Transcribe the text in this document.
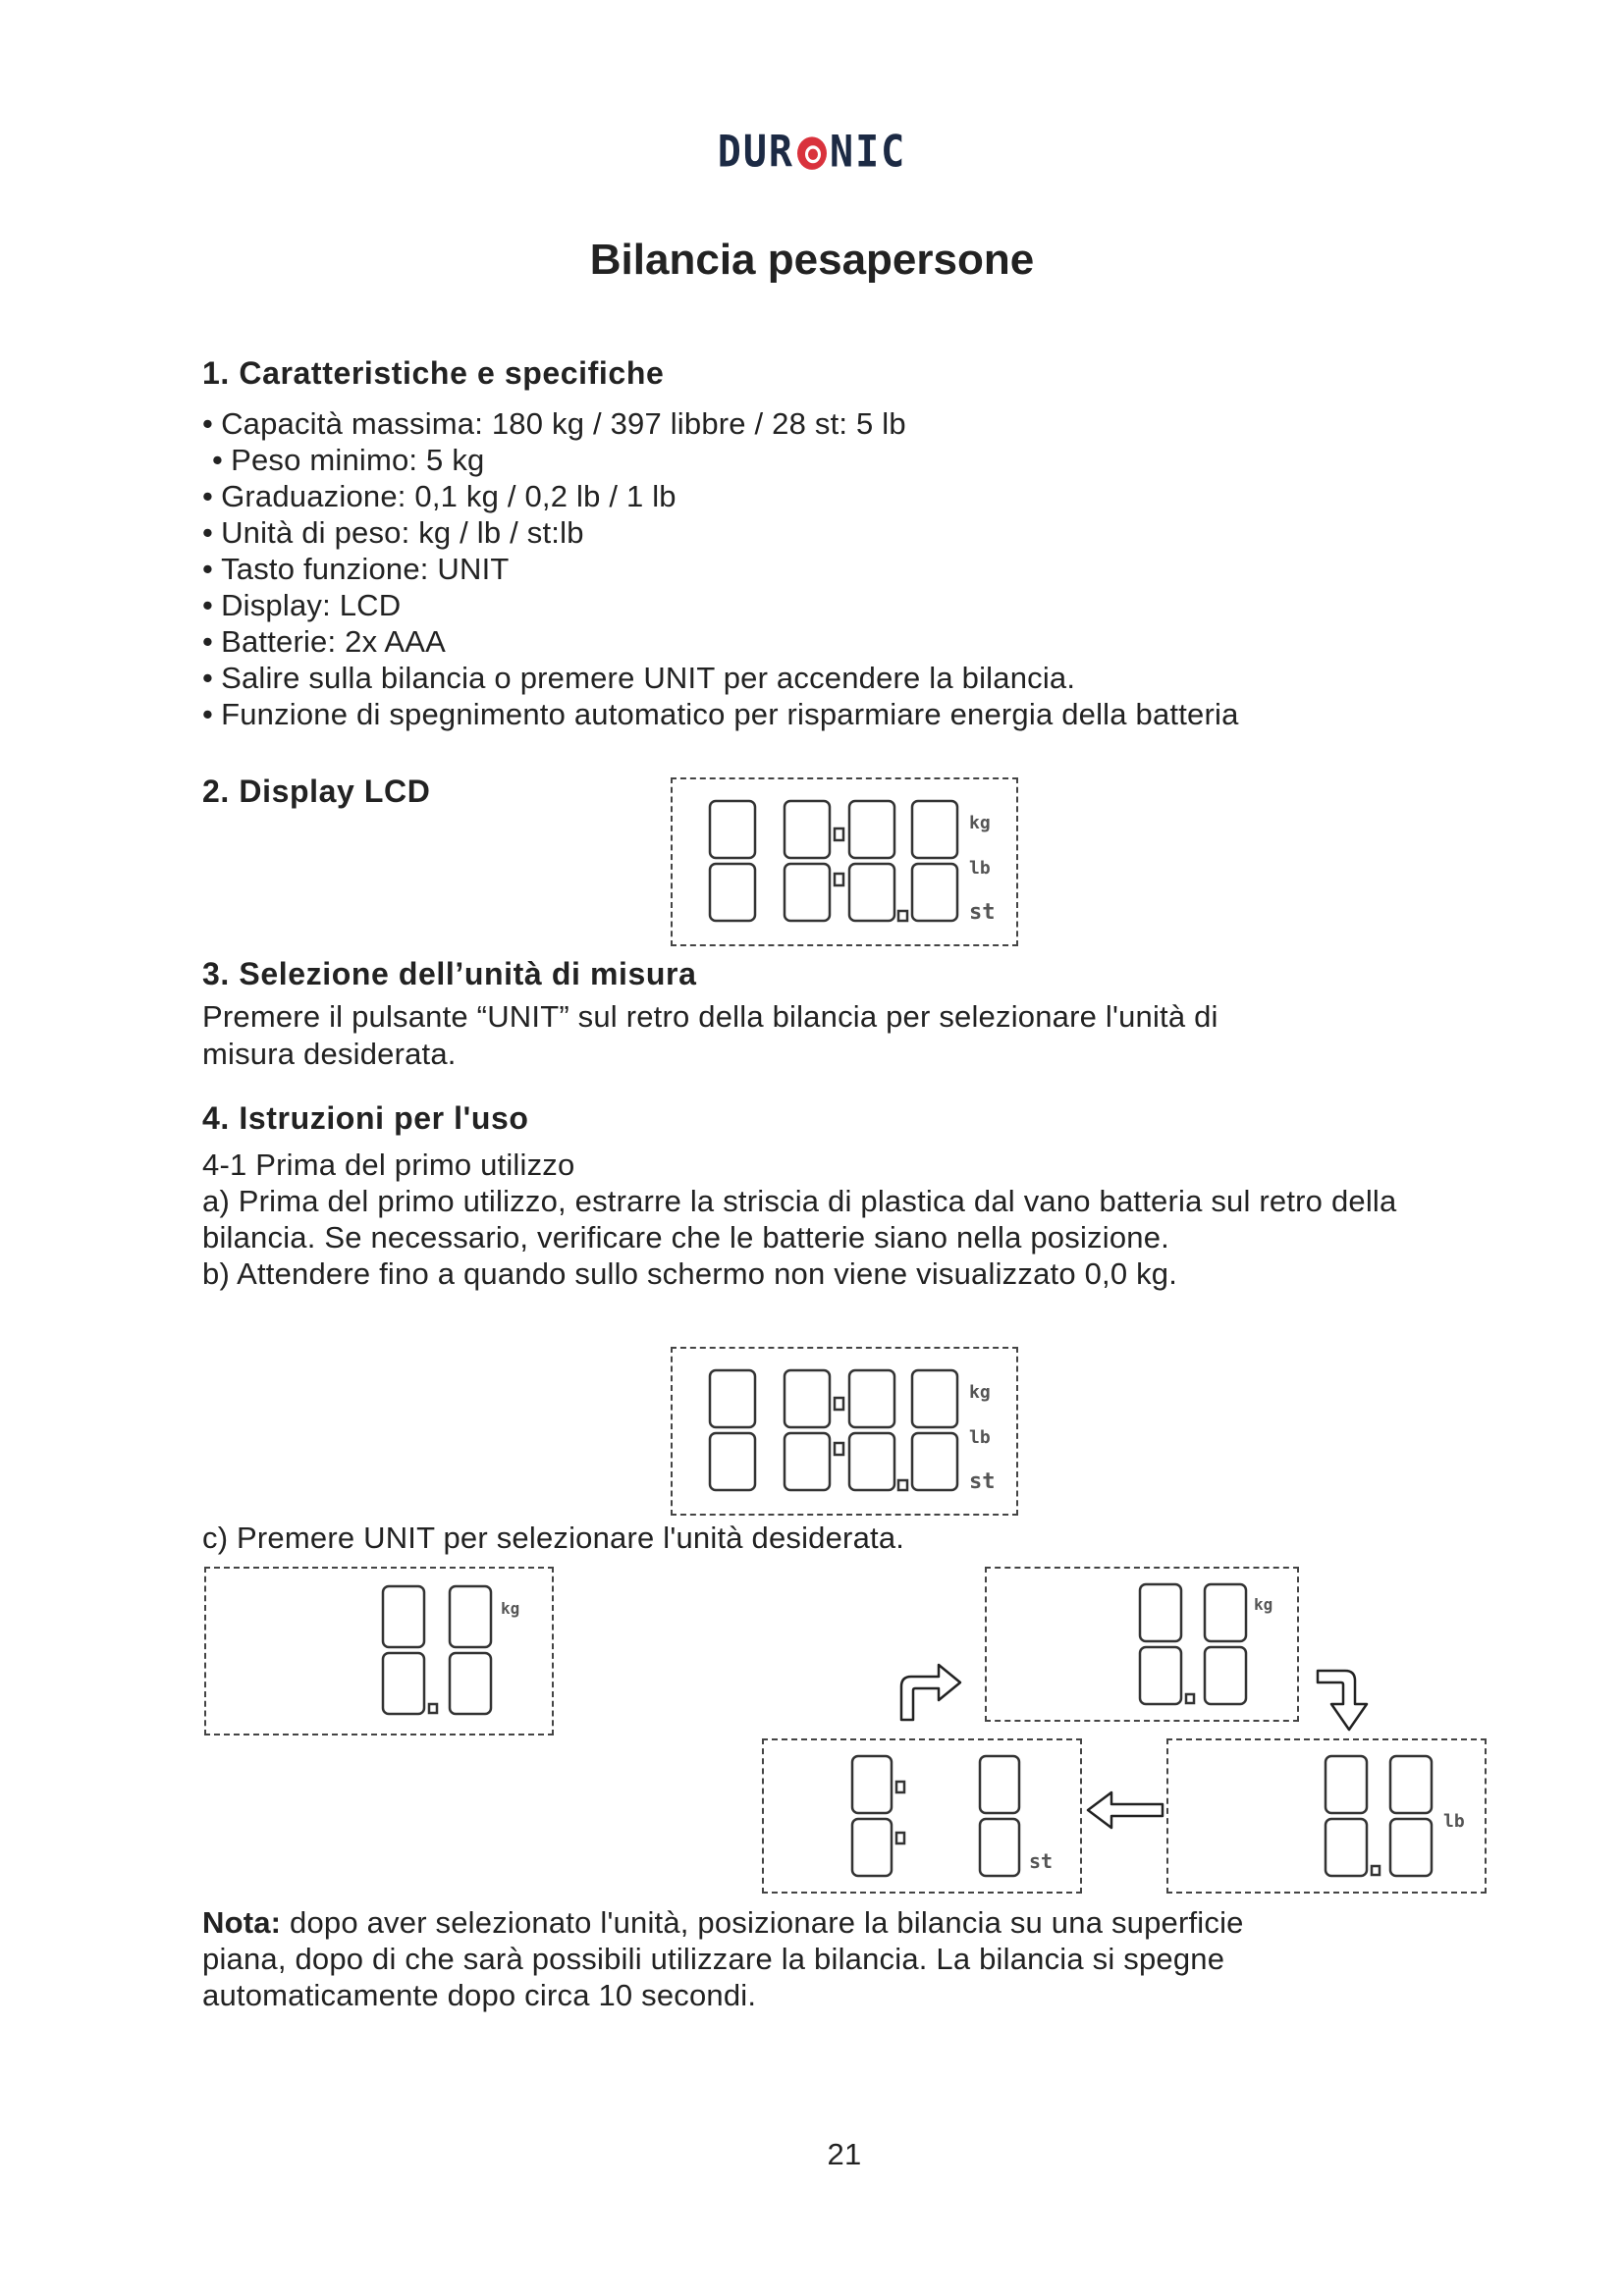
DUR NIC
Bilancia pesapersone
1. Caratteristiche e specifiche
• Capacità massima: 180 kg / 397 libbre / 28 st: 5 lb
• Peso minimo: 5 kg
• Graduazione: 0,1 kg / 0,2 lb / 1 lb
• Unità di peso: kg / lb / st:lb
• Tasto funzione: UNIT
• Display: LCD
• Batterie: 2x AAA
• Salire sulla bilancia o premere UNIT per accendere la bilancia.
• Funzione di spegnimento automatico per risparmiare energia della batteria
2. Display LCD
kg
lb
st
3. Selezione dell’unità di misura
Premere il pulsante “UNIT” sul retro della bilancia per selezionare l'unità di
misura desiderata.
4. Istruzioni per l'uso
4-1 Prima del primo utilizzo
a) Prima del primo utilizzo, estrarre la striscia di plastica dal vano batteria sul retro della
bilancia. Se necessario, verificare che le batterie siano nella posizione.
b) Attendere fino a quando sullo schermo non viene visualizzato 0,0 kg.
kg
lb
st
c) Premere UNIT per selezionare l'unità desiderata.
kg	kg
st
lb
Nota: dopo aver selezionato l'unità, posizionare la bilancia su una superficie
piana, dopo di che sarà possibili utilizzare la bilancia. La bilancia si spegne
automaticamente dopo circa 10 secondi.
21
